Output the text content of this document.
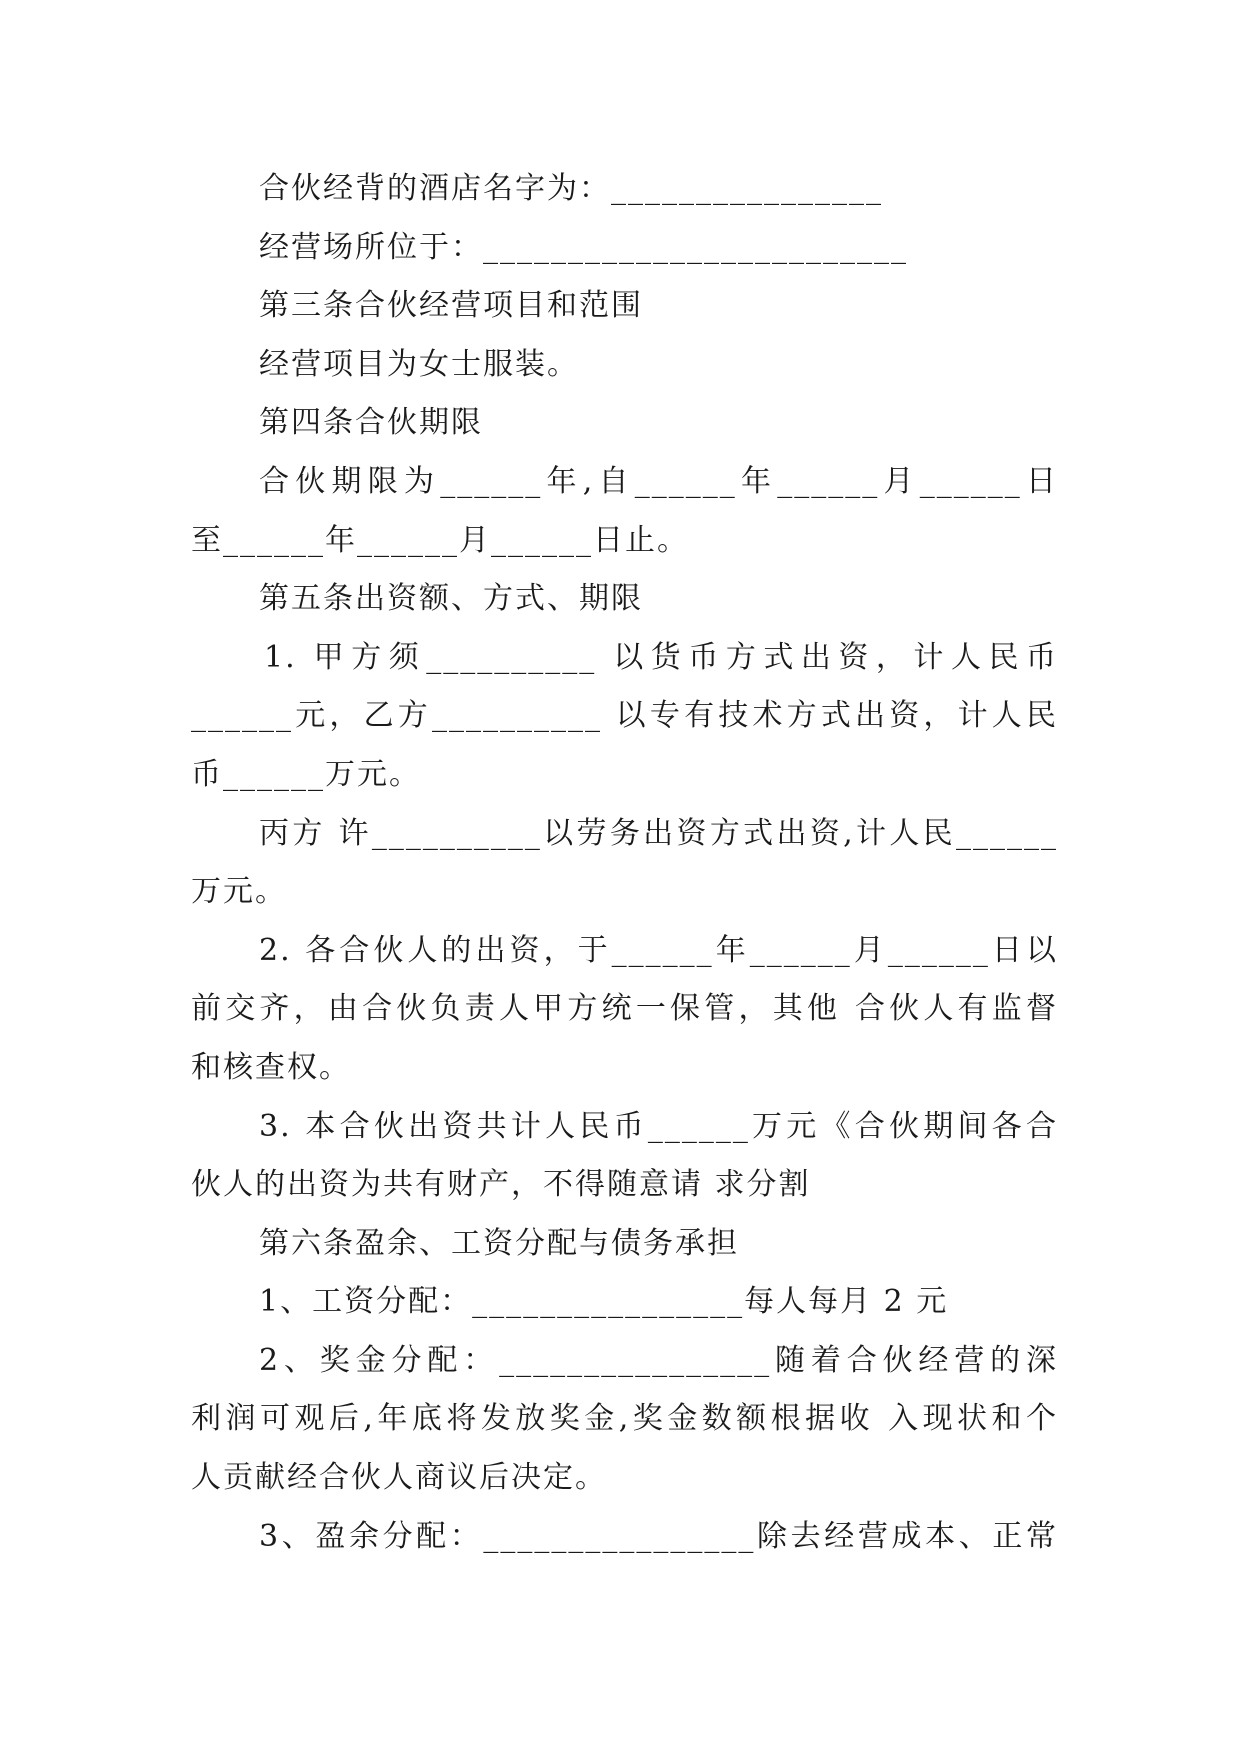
合伙经背的酒店名字为：________________
经营场所位于：_________________________
第三条合伙经营项目和范围
经营项目为女士服装。
第四条合伙期限
合伙期限为______年,自______年______月______日
至______年______月______日止。
第五条出资额、方式、期限
1. 甲方须__________ 以货币方式出资，计人民币
______元，乙方__________ 以专有技术方式出资，计人民
币______万元。
丙方 许__________以劳务出资方式出资,计人民______
万元。
2. 各合伙人的出资，于______年______月______日以
前交齐，由合伙负责人甲方统一保管，其他 合伙人有监督
和核查权。
3. 本合伙出资共计人民币______万元《合伙期间各合
伙人的出资为共有财产，不得随意请 求分割
第六条盈余、工资分配与债务承担
1、工资分配：________________每人每月 2 元
2、奖金分配：________________随着合伙经营的深
利润可观后,年底将发放奖金,奖金数额根据收 入现状和个
人贡献经合伙人商议后决定。
3、盈余分配：________________除去经营成本、正常
